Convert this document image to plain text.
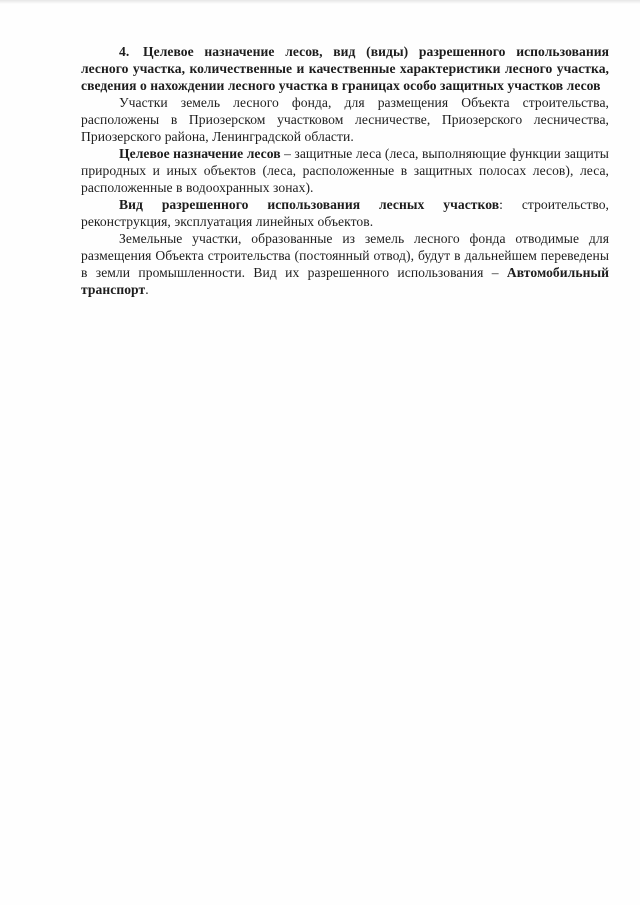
4. Целевое назначение лесов, вид (виды) разрешенного использования лесного участка, количественные и качественные характеристики лесного участка, сведения о нахождении лесного участка в границах особо защитных участков лесов

Участки земель лесного фонда, для размещения Объекта строительства, расположены в Приозерском участковом лесничестве, Приозерского лесничества, Приозерского района, Ленинградской области.

Целевое назначение лесов – защитные леса (леса, выполняющие функции защиты природных и иных объектов (леса, расположенные в защитных полосах лесов), леса, расположенные в водоохранных зонах).

Вид разрешенного использования лесных участков: строительство, реконструкция, эксплуатация линейных объектов.

Земельные участки, образованные из земель лесного фонда отводимые для размещения Объекта строительства (постоянный отвод), будут в дальнейшем переведены в земли промышленности. Вид их разрешенного использования – Автомобильный транспорт.
